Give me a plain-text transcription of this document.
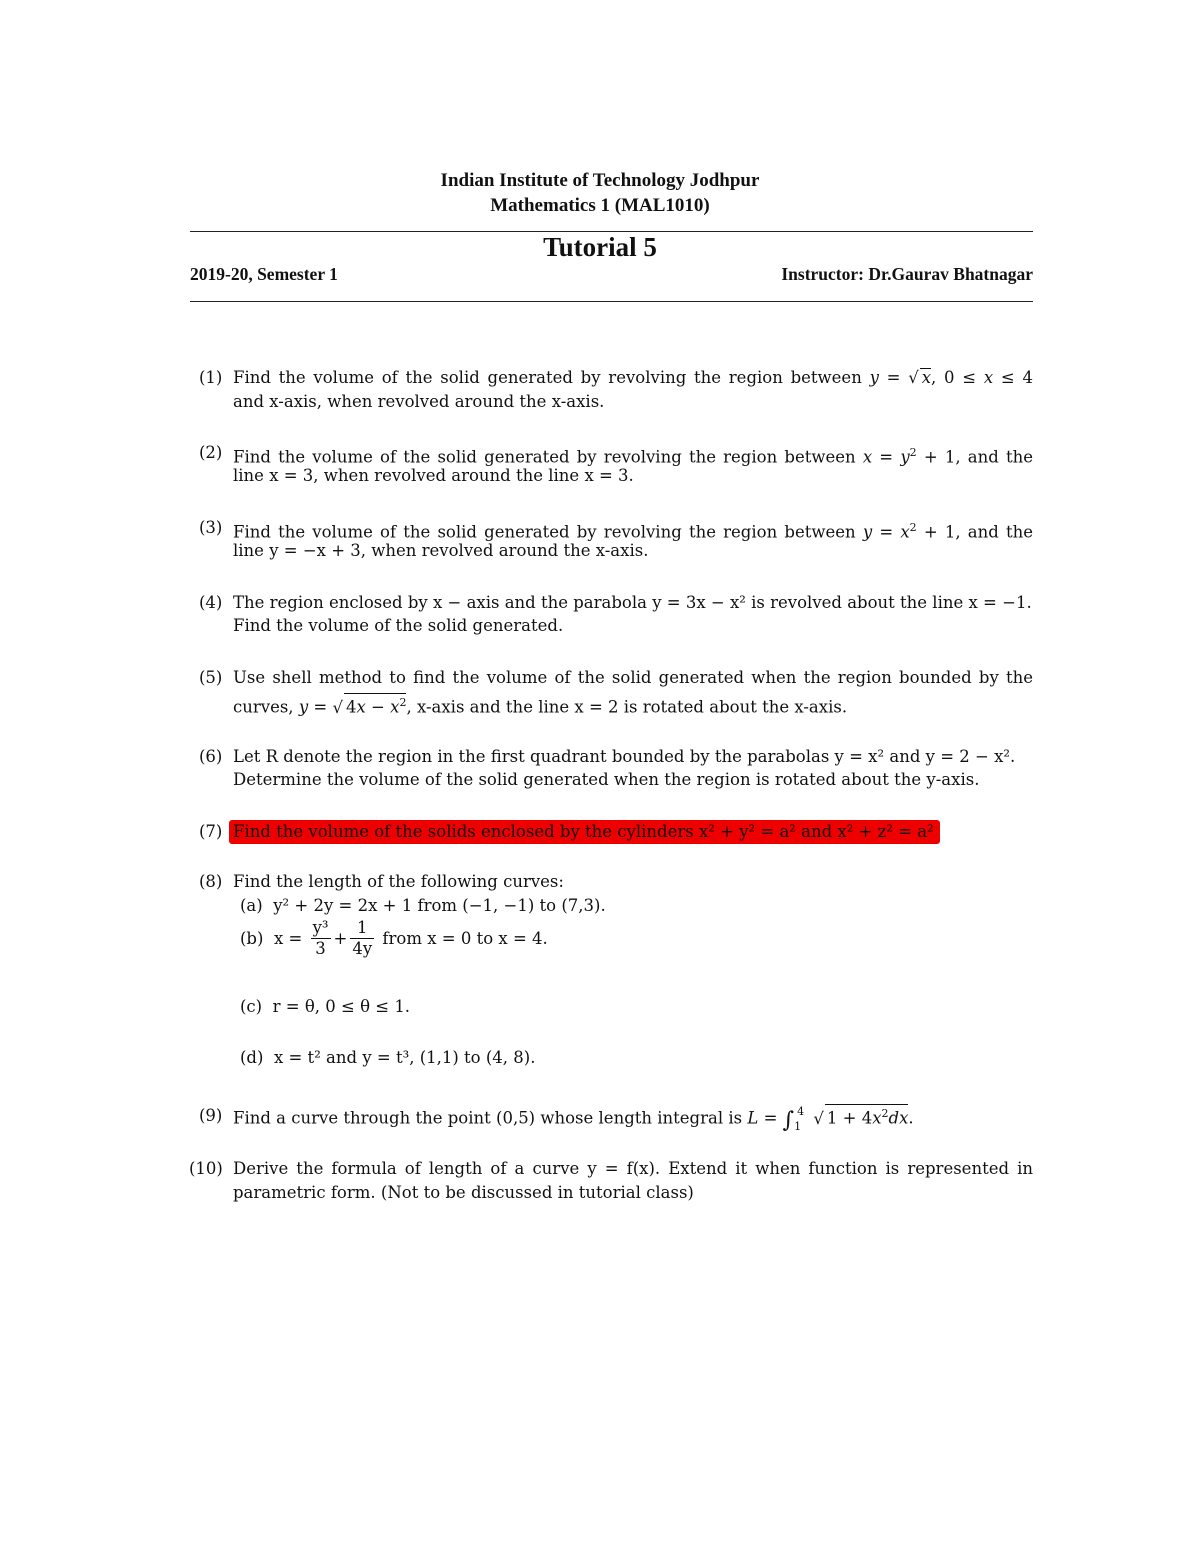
Indian Institute of Technology Jodhpur
Mathematics 1 (MAL1010)
Tutorial 5
2019-20, Semester 1	Instructor: Dr.Gaurav Bhatnagar
(1) Find the volume of the solid generated by revolving the region between y = √ x, 0 ≤ x ≤ 4
and x-axis, when revolved around the x-axis.
(2) Find the volume of the solid generated by revolving the region between $x = y^2 + 1$, and the
line x = 3, when revolved around the line x = 3.
(3) Find the volume of the solid generated by revolving the region between $y = x^2 + 1$, and the
line y = −x + 3, when revolved around the x-axis.
(4) The region enclosed by x − axis and the parabola y = 3x − x² is revolved about the line x = −1.
Find the volume of the solid generated.
(5) Use shell method to find the volume of the solid generated when the region bounded by the
curves, y = √ $4x - x^2$, x-axis and the line x = 2 is rotated about the x-axis.
(6) Let R denote the region in the first quadrant bounded by the parabolas y = x² and y = 2 − x².
Determine the volume of the solid generated when the region is rotated about the y-axis.
(7) Find the volume of the solids enclosed by the cylinders x² + y² = a² and x² + z² = a²
(8) Find the length of the following curves:
(a) y² + 2y = 2x + 1 from (−1, −1) to (7,3).
(b) $x = \frac{\text{y³}}{3} + \frac{1}{4y}$ from x = 0 to x = 4.
(c) r = θ, 0 ≤ θ ≤ 1.
(d) x = t² and y = t³, (1,1) to (4, 8).
(9) Find a curve through the point (0,5) whose length integral is $L = \int_1^4$ √ $1 + 4x^2dx$.
(10) Derive the formula of length of a curve y = f(x). Extend it when function is represented in
parametric form. (Not to be discussed in tutorial class)
